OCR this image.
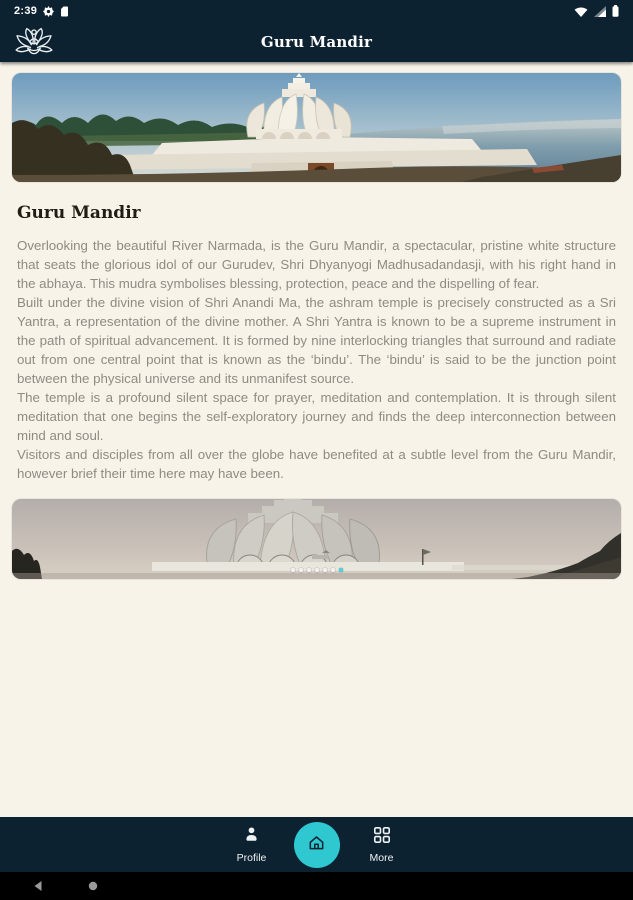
2:39
Guru Mandir
Guru Mandir

Overlooking the beautiful River Narmada, is the Guru Mandir, a spectacular, pristine white structure that seats the glorious idol of our Gurudev, Shri Dhyanyogi Madhusadandasji, with his right hand in the abhaya. This mudra symbolises blessing, protection, peace and the dispelling of fear.

Built under the divine vision of Shri Anandi Ma, the ashram temple is precisely constructed as a Sri Yantra, a representation of the divine mother. A Shri Yantra is known to be a supreme instrument in the path of spiritual advancement. It is formed by nine interlocking triangles that surround and radiate out from one central point that is known as the ‘bindu’. The ‘bindu’ is said to be the junction point between the physical universe and its unmanifest source.

The temple is a profound silent space for prayer, meditation and contemplation. It is through silent meditation that one begins the self-exploratory journey and finds the deep interconnection between mind and soul.

Visitors and disciples from all over the globe have benefited at a subtle level from the Guru Mandir, however brief their time here may have been.

Profile	More
